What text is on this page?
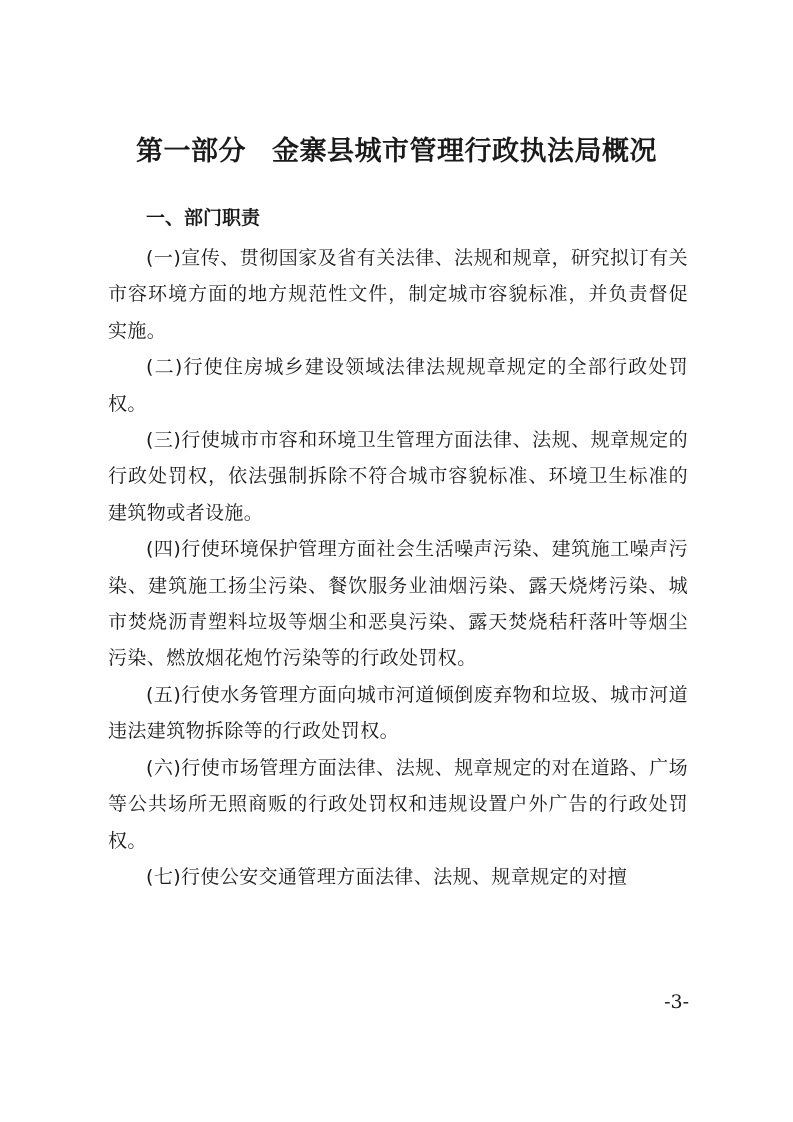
第一部分 金寨县城市管理行政执法局概况
一、部门职责

(一)宣传、贯彻国家及省有关法律、法规和规章，研究拟订有关市容环境方面的地方规范性文件，制定城市容貌标准，并负责督促实施。

(二)行使住房城乡建设领域法律法规规章规定的全部行政处罚权。

(三)行使城市市容和环境卫生管理方面法律、法规、规章规定的行政处罚权，依法强制拆除不符合城市容貌标准、环境卫生标准的建筑物或者设施。

(四)行使环境保护管理方面社会生活噪声污染、建筑施工噪声污染、建筑施工扬尘污染、餐饮服务业油烟污染、露天烧烤污染、城市焚烧沥青塑料垃圾等烟尘和恶臭污染、露天焚烧秸秆落叶等烟尘污染、燃放烟花炮竹污染等的行政处罚权。

(五)行使水务管理方面向城市河道倾倒废弃物和垃圾、城市河道违法建筑物拆除等的行政处罚权。

(六)行使市场管理方面法律、法规、规章规定的对在道路、广场等公共场所无照商贩的行政处罚权和违规设置户外广告的行政处罚权。

(七)行使公安交通管理方面法律、法规、规章规定的对擅

-3-
